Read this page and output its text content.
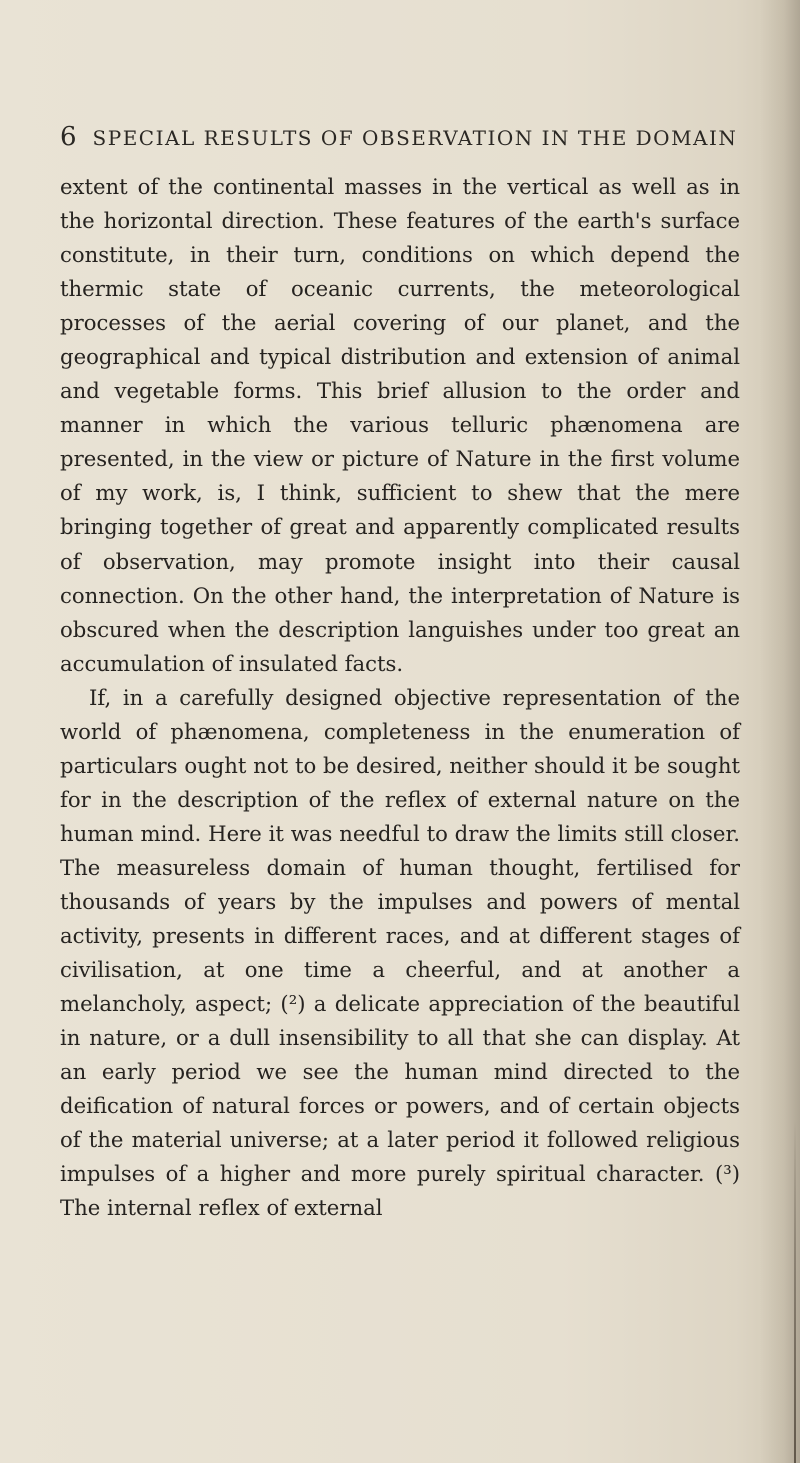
6 SPECIAL RESULTS OF OBSERVATION IN THE DOMAIN

extent of the continental masses in the vertical as well as in the horizontal direction. These features of the earth's surface constitute, in their turn, conditions on which depend the thermic state of oceanic currents, the meteorological processes of the aerial covering of our planet, and the geographical and typical distribution and extension of animal and vegetable forms. This brief allusion to the order and manner in which the various telluric phænomena are presented, in the view or picture of Nature in the first volume of my work, is, I think, sufficient to shew that the mere bringing together of great and apparently complicated results of observation, may promote insight into their causal connection. On the other hand, the interpretation of Nature is obscured when the description languishes under too great an accumulation of insulated facts.

If, in a carefully designed objective representation of the world of phænomena, completeness in the enumeration of particulars ought not to be desired, neither should it be sought for in the description of the reflex of external nature on the human mind. Here it was needful to draw the limits still closer. The measureless domain of human thought, fertilised for thousands of years by the impulses and powers of mental activity, presents in different races, and at different stages of civilisation, at one time a cheerful, and at another a melancholy, aspect; (²) a delicate appreciation of the beautiful in nature, or a dull insensibility to all that she can display. At an early period we see the human mind directed to the deification of natural forces or powers, and of certain objects of the material universe; at a later period it followed religious impulses of a higher and more purely spiritual character. (³) The internal reflex of external
